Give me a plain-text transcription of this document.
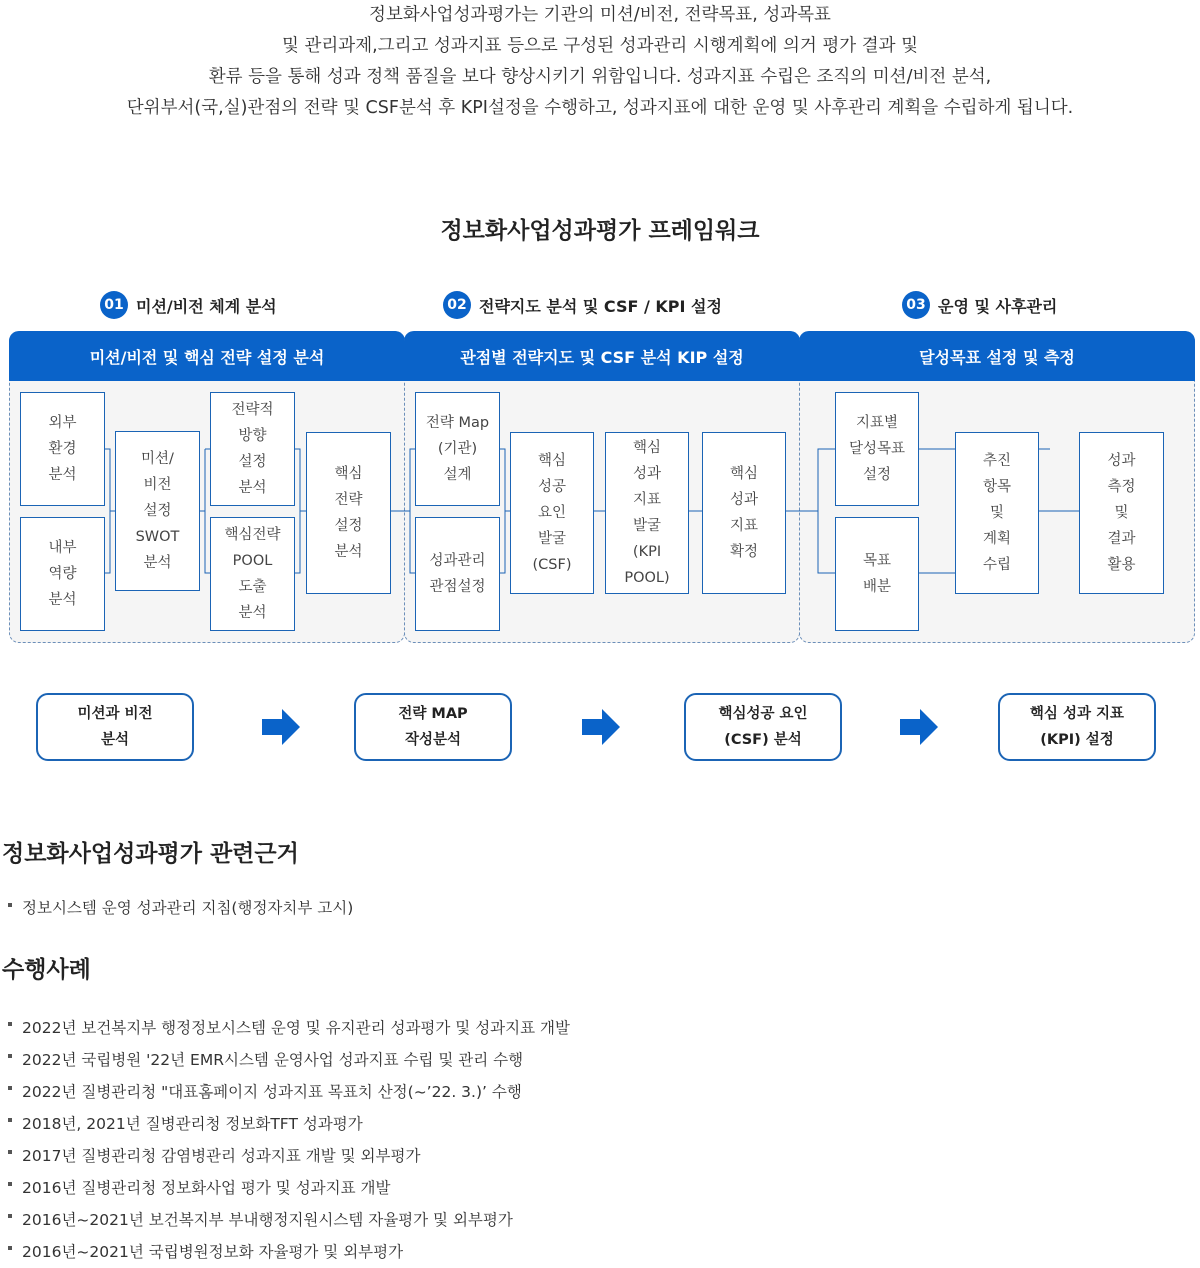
정보화사업성과평가는 기관의 미션/비전, 전략목표, 성과목표
및 관리과제,그리고 성과지표 등으로 구성된 성과관리 시행계획에 의거 평가 결과 및
환류 등을 통해 성과 정책 품질을 보다 향상시키기 위함입니다. 성과지표 수립은 조직의 미션/비전 분석,
단위부서(국,실)관점의 전략 및 CSF분석 후 KPI설정을 수행하고, 성과지표에 대한 운영 및 사후관리 계획을 수립하게 됩니다.
정보화사업성과평가 프레임워크
01 미션/비전 체계 분석	02 전략지도 분석 및 CSF / KPI 설정	03 운영 및 사후관리
미션/비전 및 핵심 전략 설정 분석	관점별 전략지도 및 CSF 분석 KIP 설정	달성목표 설정 및 측정
외부
환경
분석
내부
역량
분석
미션/
비전
설정
SWOT
분석
전략적
방향
설정
분석
핵심전략
POOL
도출
분석
핵심
전략
설정
분석
전략 Map
(기관)
설계
성과관리
관점설정
핵심
성공
요인
발굴
(CSF)
핵심
성과
지표
발굴
(KPI
POOL)
핵심
성과
지표
확정
지표별
달성목표
설정
목표
배분
추진
항목
및
계획
수립
성과
측정
및
결과
활용
미션과 비전
분석
전략 MAP
작성분석
핵심성공 요인
(CSF) 분석
핵심 성과 지표
(KPI) 설정
정보화사업성과평가 관련근거
정보시스템 운영 성과관리 지침(행정자치부 고시)
수행사례
2022년 보건복지부 행정정보시스템 운영 및 유지관리 성과평가 및 성과지표 개발
2022년 국립병원 '22년 EMR시스템 운영사업 성과지표 수립 및 관리 수행
2022년 질병관리청 "대표홈페이지 성과지표 목표치 산정(~’22. 3.)’ 수행
2018년, 2021년 질병관리청 정보화TFT 성과평가
2017년 질병관리청 감염병관리 성과지표 개발 및 외부평가
2016년 질병관리청 정보화사업 평가 및 성과지표 개발
2016년~2021년 보건복지부 부내행정지원시스템 자율평가 및 외부평가
2016년~2021년 국립병원정보화 자율평가 및 외부평가
